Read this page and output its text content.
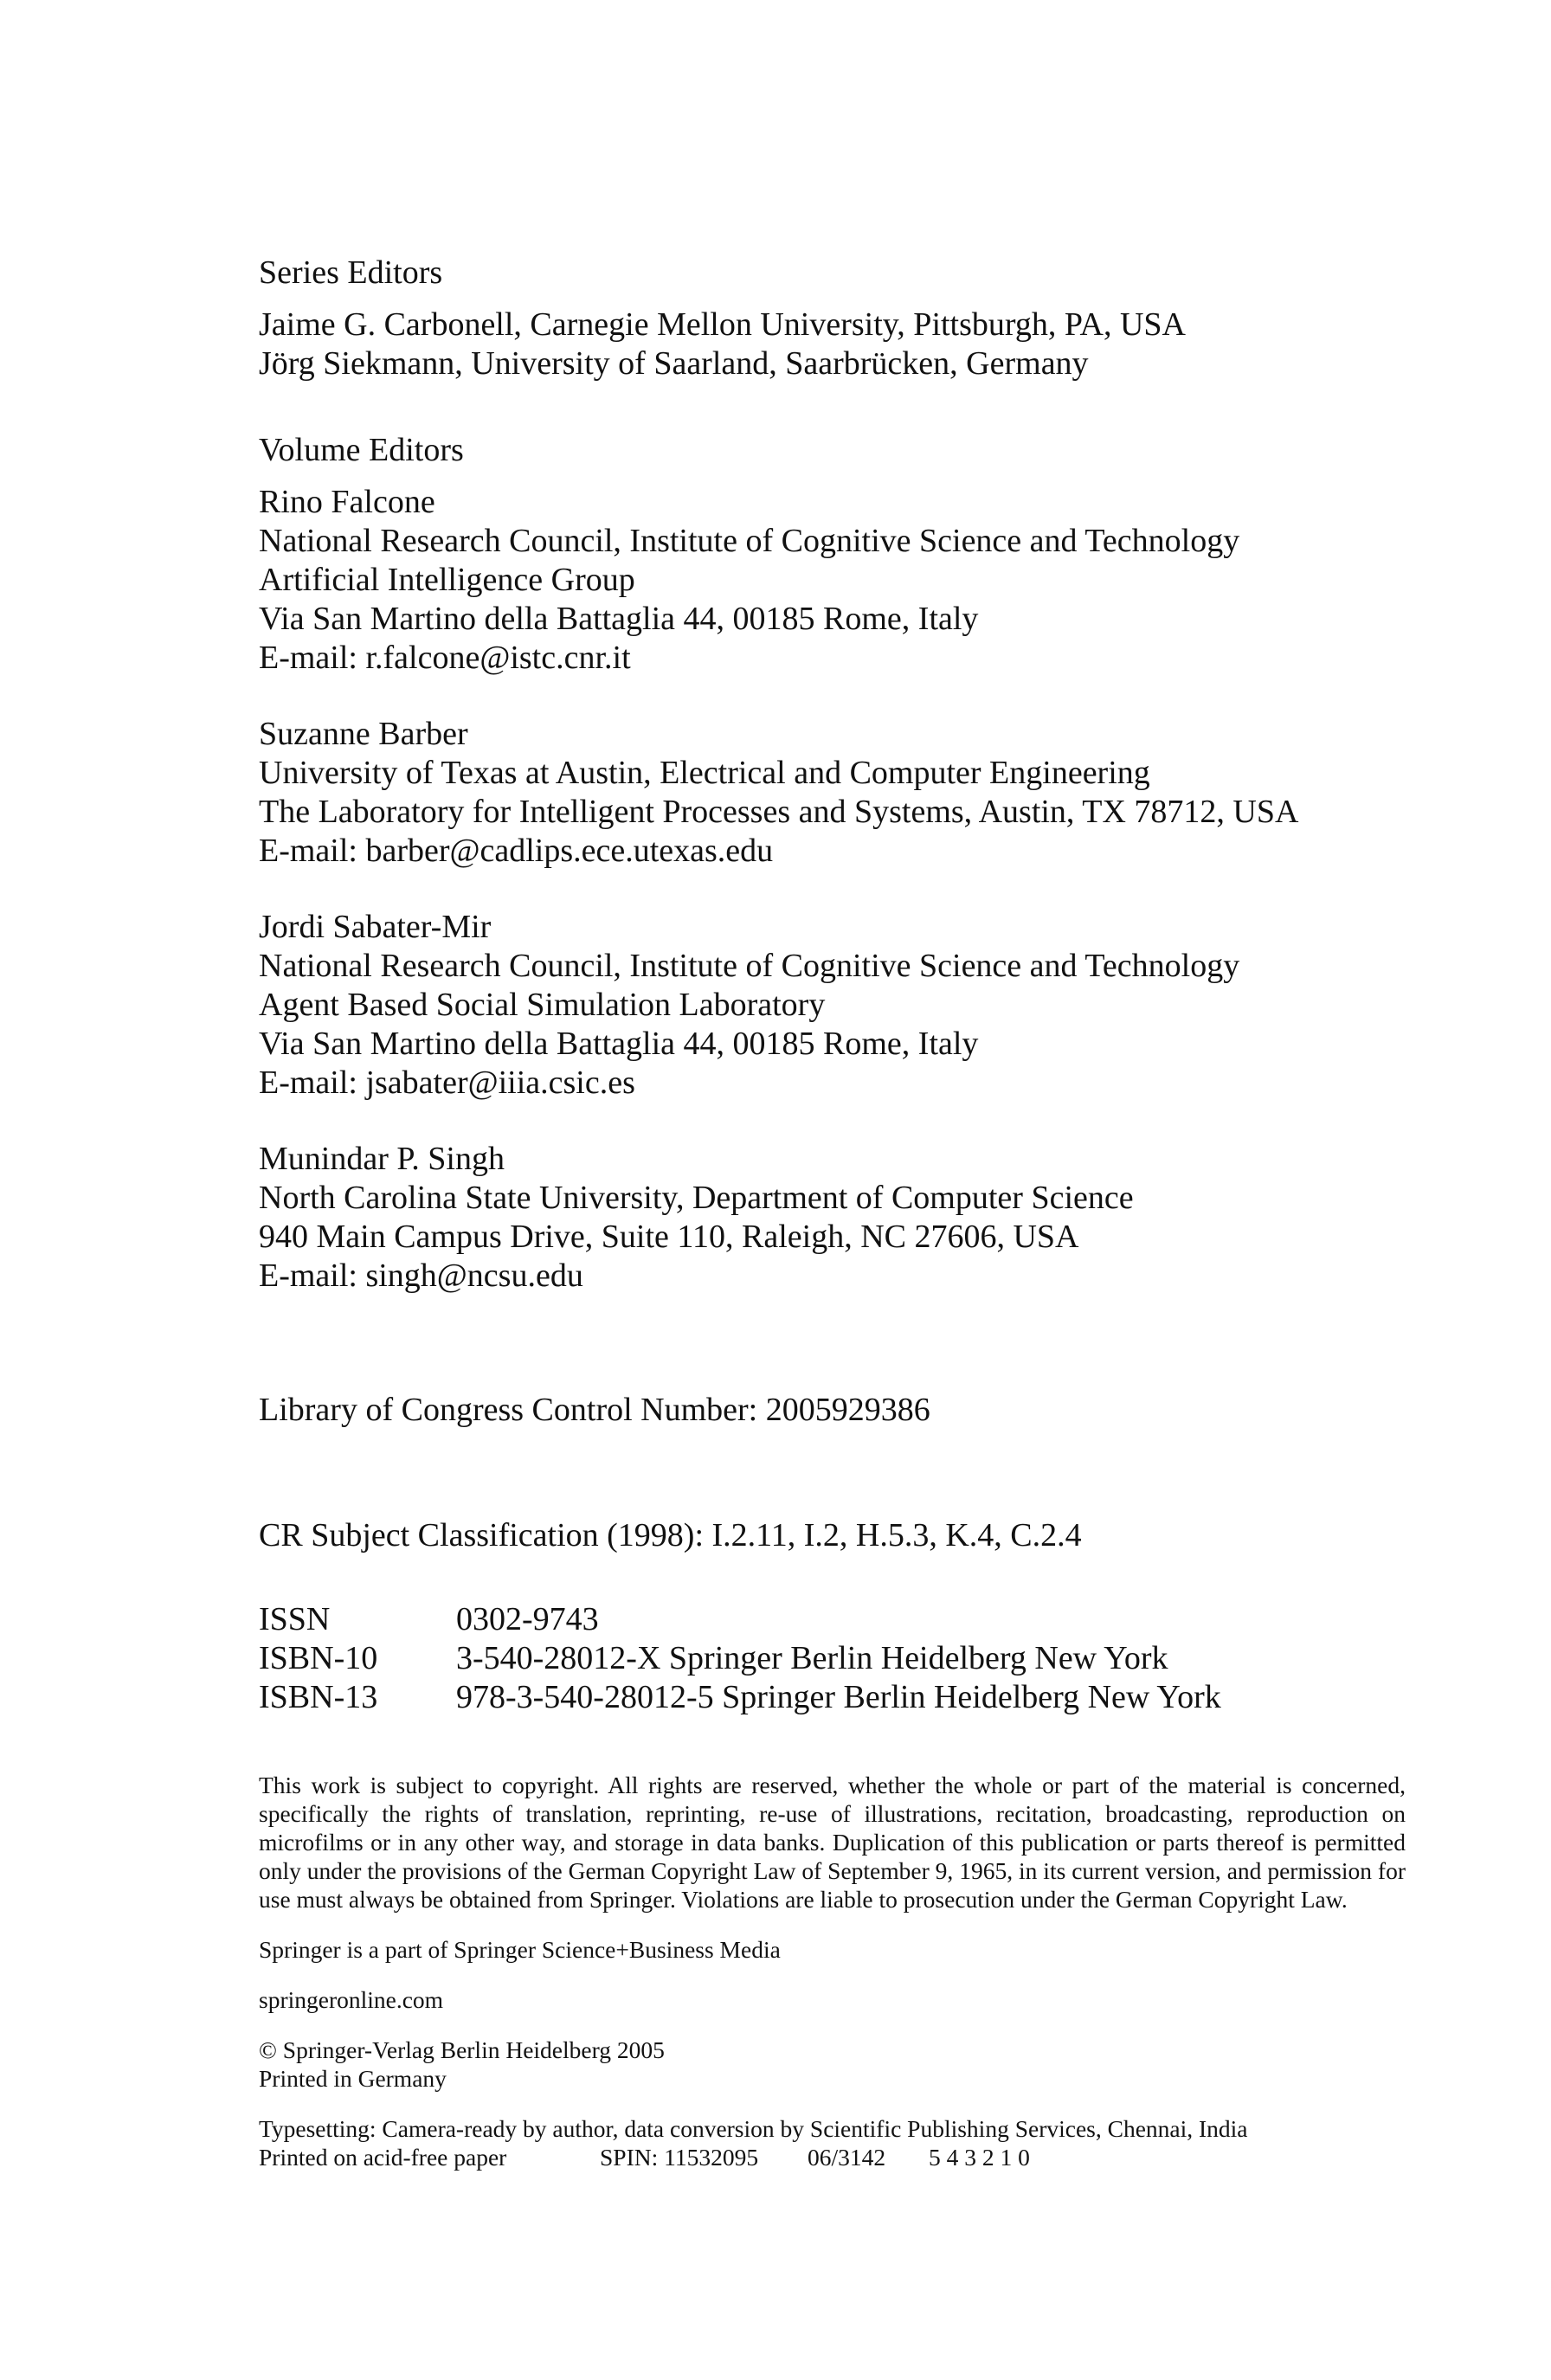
Series Editors

Jaime G. Carbonell, Carnegie Mellon University, Pittsburgh, PA, USA

Jörg Siekmann, University of Saarland, Saarbrücken, Germany

Volume Editors

Rino Falcone

National Research Council, Institute of Cognitive Science and Technology

Artificial Intelligence Group

Via San Martino della Battaglia 44, 00185 Rome, Italy

E-mail: r.falcone@istc.cnr.it

Suzanne Barber

University of Texas at Austin, Electrical and Computer Engineering

The Laboratory for Intelligent Processes and Systems, Austin, TX 78712, USA

E-mail: barber@cadlips.ece.utexas.edu

Jordi Sabater-Mir

National Research Council, Institute of Cognitive Science and Technology

Agent Based Social Simulation Laboratory

Via San Martino della Battaglia 44, 00185 Rome, Italy

E-mail: jsabater@iiia.csic.es

Munindar P. Singh

North Carolina State University, Department of Computer Science

940 Main Campus Drive, Suite 110, Raleigh, NC 27606, USA

E-mail: singh@ncsu.edu

Library of Congress Control Number: 2005929386

CR Subject Classification (1998): I.2.11, I.2, H.5.3, K.4, C.2.4

ISSN	0302-9743
ISBN-10	3-540-28012-X Springer Berlin Heidelberg New York
ISBN-13	978-3-540-28012-5 Springer Berlin Heidelberg New York

This work is subject to copyright. All rights are reserved, whether the whole or part of the material is concerned, specifically the rights of translation, reprinting, re-use of illustrations, recitation, broadcasting, reproduction on microfilms or in any other way, and storage in data banks. Duplication of this publication or parts thereof is permitted only under the provisions of the German Copyright Law of September 9, 1965, in its current version, and permission for use must always be obtained from Springer. Violations are liable to prosecution under the German Copyright Law.

Springer is a part of Springer Science+Business Media

springeronline.com

© Springer-Verlag Berlin Heidelberg 2005

Printed in Germany

Typesetting: Camera-ready by author, data conversion by Scientific Publishing Services, Chennai, India

Printed on acid-free paper	SPIN: 11532095 06/3142 5 4 3 2 1 0
